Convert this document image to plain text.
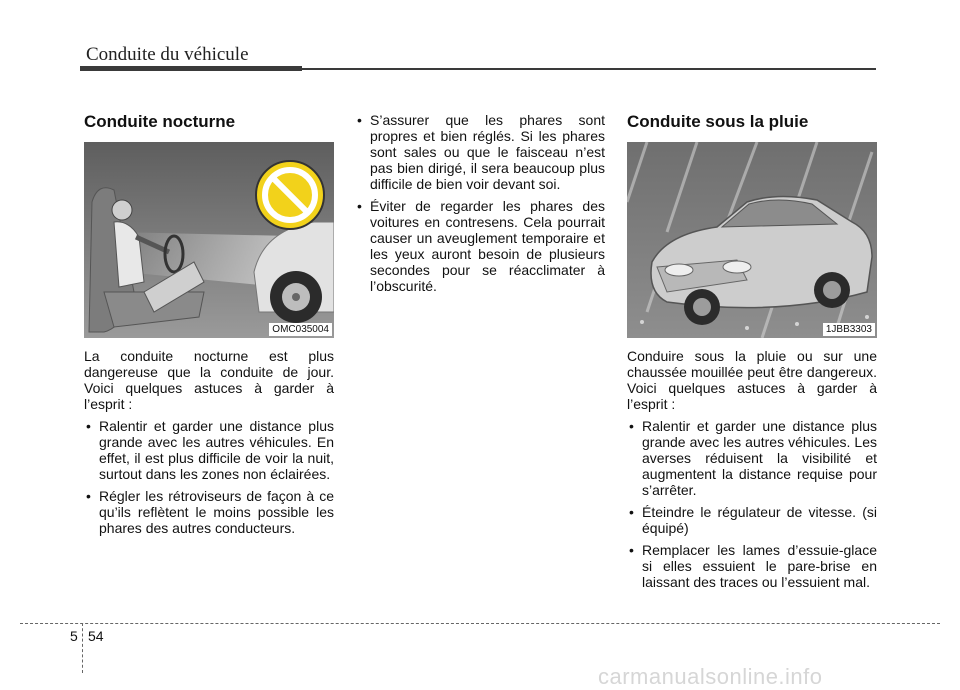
Conduite du véhicule
Conduite nocturne
OMC035004

La conduite nocturne est plus dangereuse que la conduite de jour. Voici quelques astuces à garder à l’esprit :

• Ralentir et garder une distance plus grande avec les autres véhicules. En effet, il est plus difficile de voir la nuit, surtout dans les zones non éclairées.
• Régler les rétroviseurs de façon à ce qu’ils reflètent le moins possible les phares des autres conducteurs.
• S’assurer que les phares sont propres et bien réglés. Si les phares sont sales ou que le faisceau n’est pas bien dirigé, il sera beaucoup plus difficile de bien voir devant soi.
• Éviter de regarder les phares des voitures en contresens. Cela pourrait causer un aveuglement temporaire et les yeux auront besoin de plusieurs secondes pour se réacclimater à l’obscurité.
Conduite sous la pluie
1JBB3303

Conduire sous la pluie ou sur une chaussée mouillée peut être dangereux. Voici quelques astuces à garder à l’esprit :

• Ralentir et garder une distance plus grande avec les autres véhicules. Les averses réduisent la visibilité et augmentent la distance requise pour s’arrêter.
• Éteindre le régulateur de vitesse. (si équipé)
• Remplacer les lames d’essuie-glace si elles essuient le pare-brise en laissant des traces ou l’essuient mal.
5 54
carmanualsonline.info
